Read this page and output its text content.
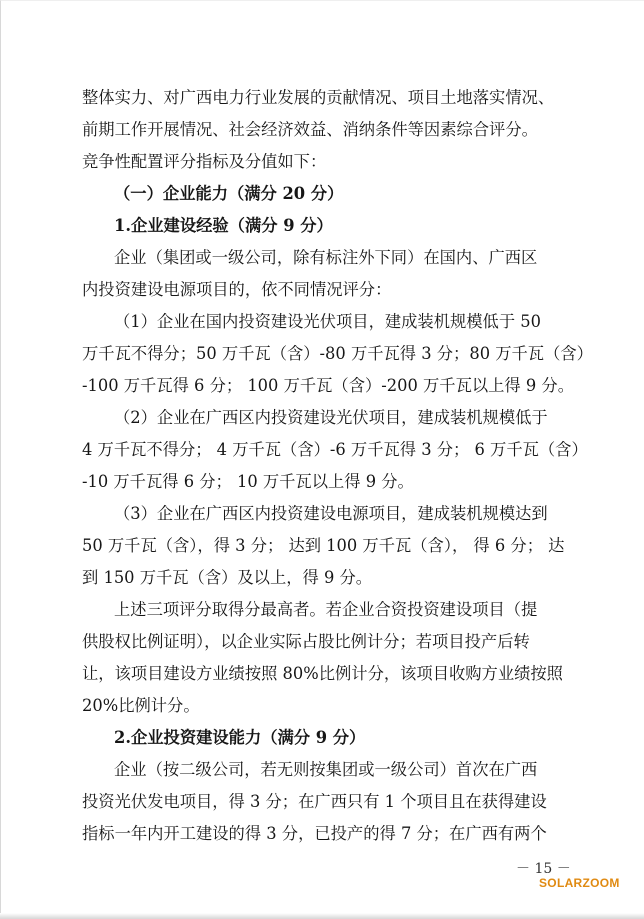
整体实力、对广西电力行业发展的贡献情况、项目土地落实情况、
前期工作开展情况、社会经济效益、消纳条件等因素综合评分。
竞争性配置评分指标及分值如下：
（一）企业能力（满分 20 分）
1.企业建设经验（满分 9 分）
企业（集团或一级公司，除有标注外下同）在国内、广西区
内投资建设电源项目的，依不同情况评分：
（1）企业在国内投资建设光伏项目，建成装机规模低于 50
万千瓦不得分；50 万千瓦（含）-80 万千瓦得 3 分；80 万千瓦（含）
-100 万千瓦得 6 分； 100 万千瓦（含）-200 万千瓦以上得 9 分。
（2）企业在广西区内投资建设光伏项目，建成装机规模低于
4 万千瓦不得分； 4 万千瓦（含）-6 万千瓦得 3 分； 6 万千瓦（含）
-10 万千瓦得 6 分； 10 万千瓦以上得 9 分。
（3）企业在广西区内投资建设电源项目，建成装机规模达到
50 万千瓦（含），得 3 分； 达到 100 万千瓦（含）， 得 6 分； 达
到 150 万千瓦（含）及以上，得 9 分。
上述三项评分取得分最高者。若企业合资投资建设项目（提
供股权比例证明），以企业实际占股比例计分；若项目投产后转
让，该项目建设方业绩按照 80%比例计分，该项目收购方业绩按照
20%比例计分。
2.企业投资建设能力（满分 9 分）
企业（按二级公司，若无则按集团或一级公司）首次在广西
投资光伏发电项目，得 3 分；在广西只有 1 个项目且在获得建设
指标一年内开工建设的得 3 分，已投产的得 7 分；在广西有两个
－ 15 －
SOLARZOOM
